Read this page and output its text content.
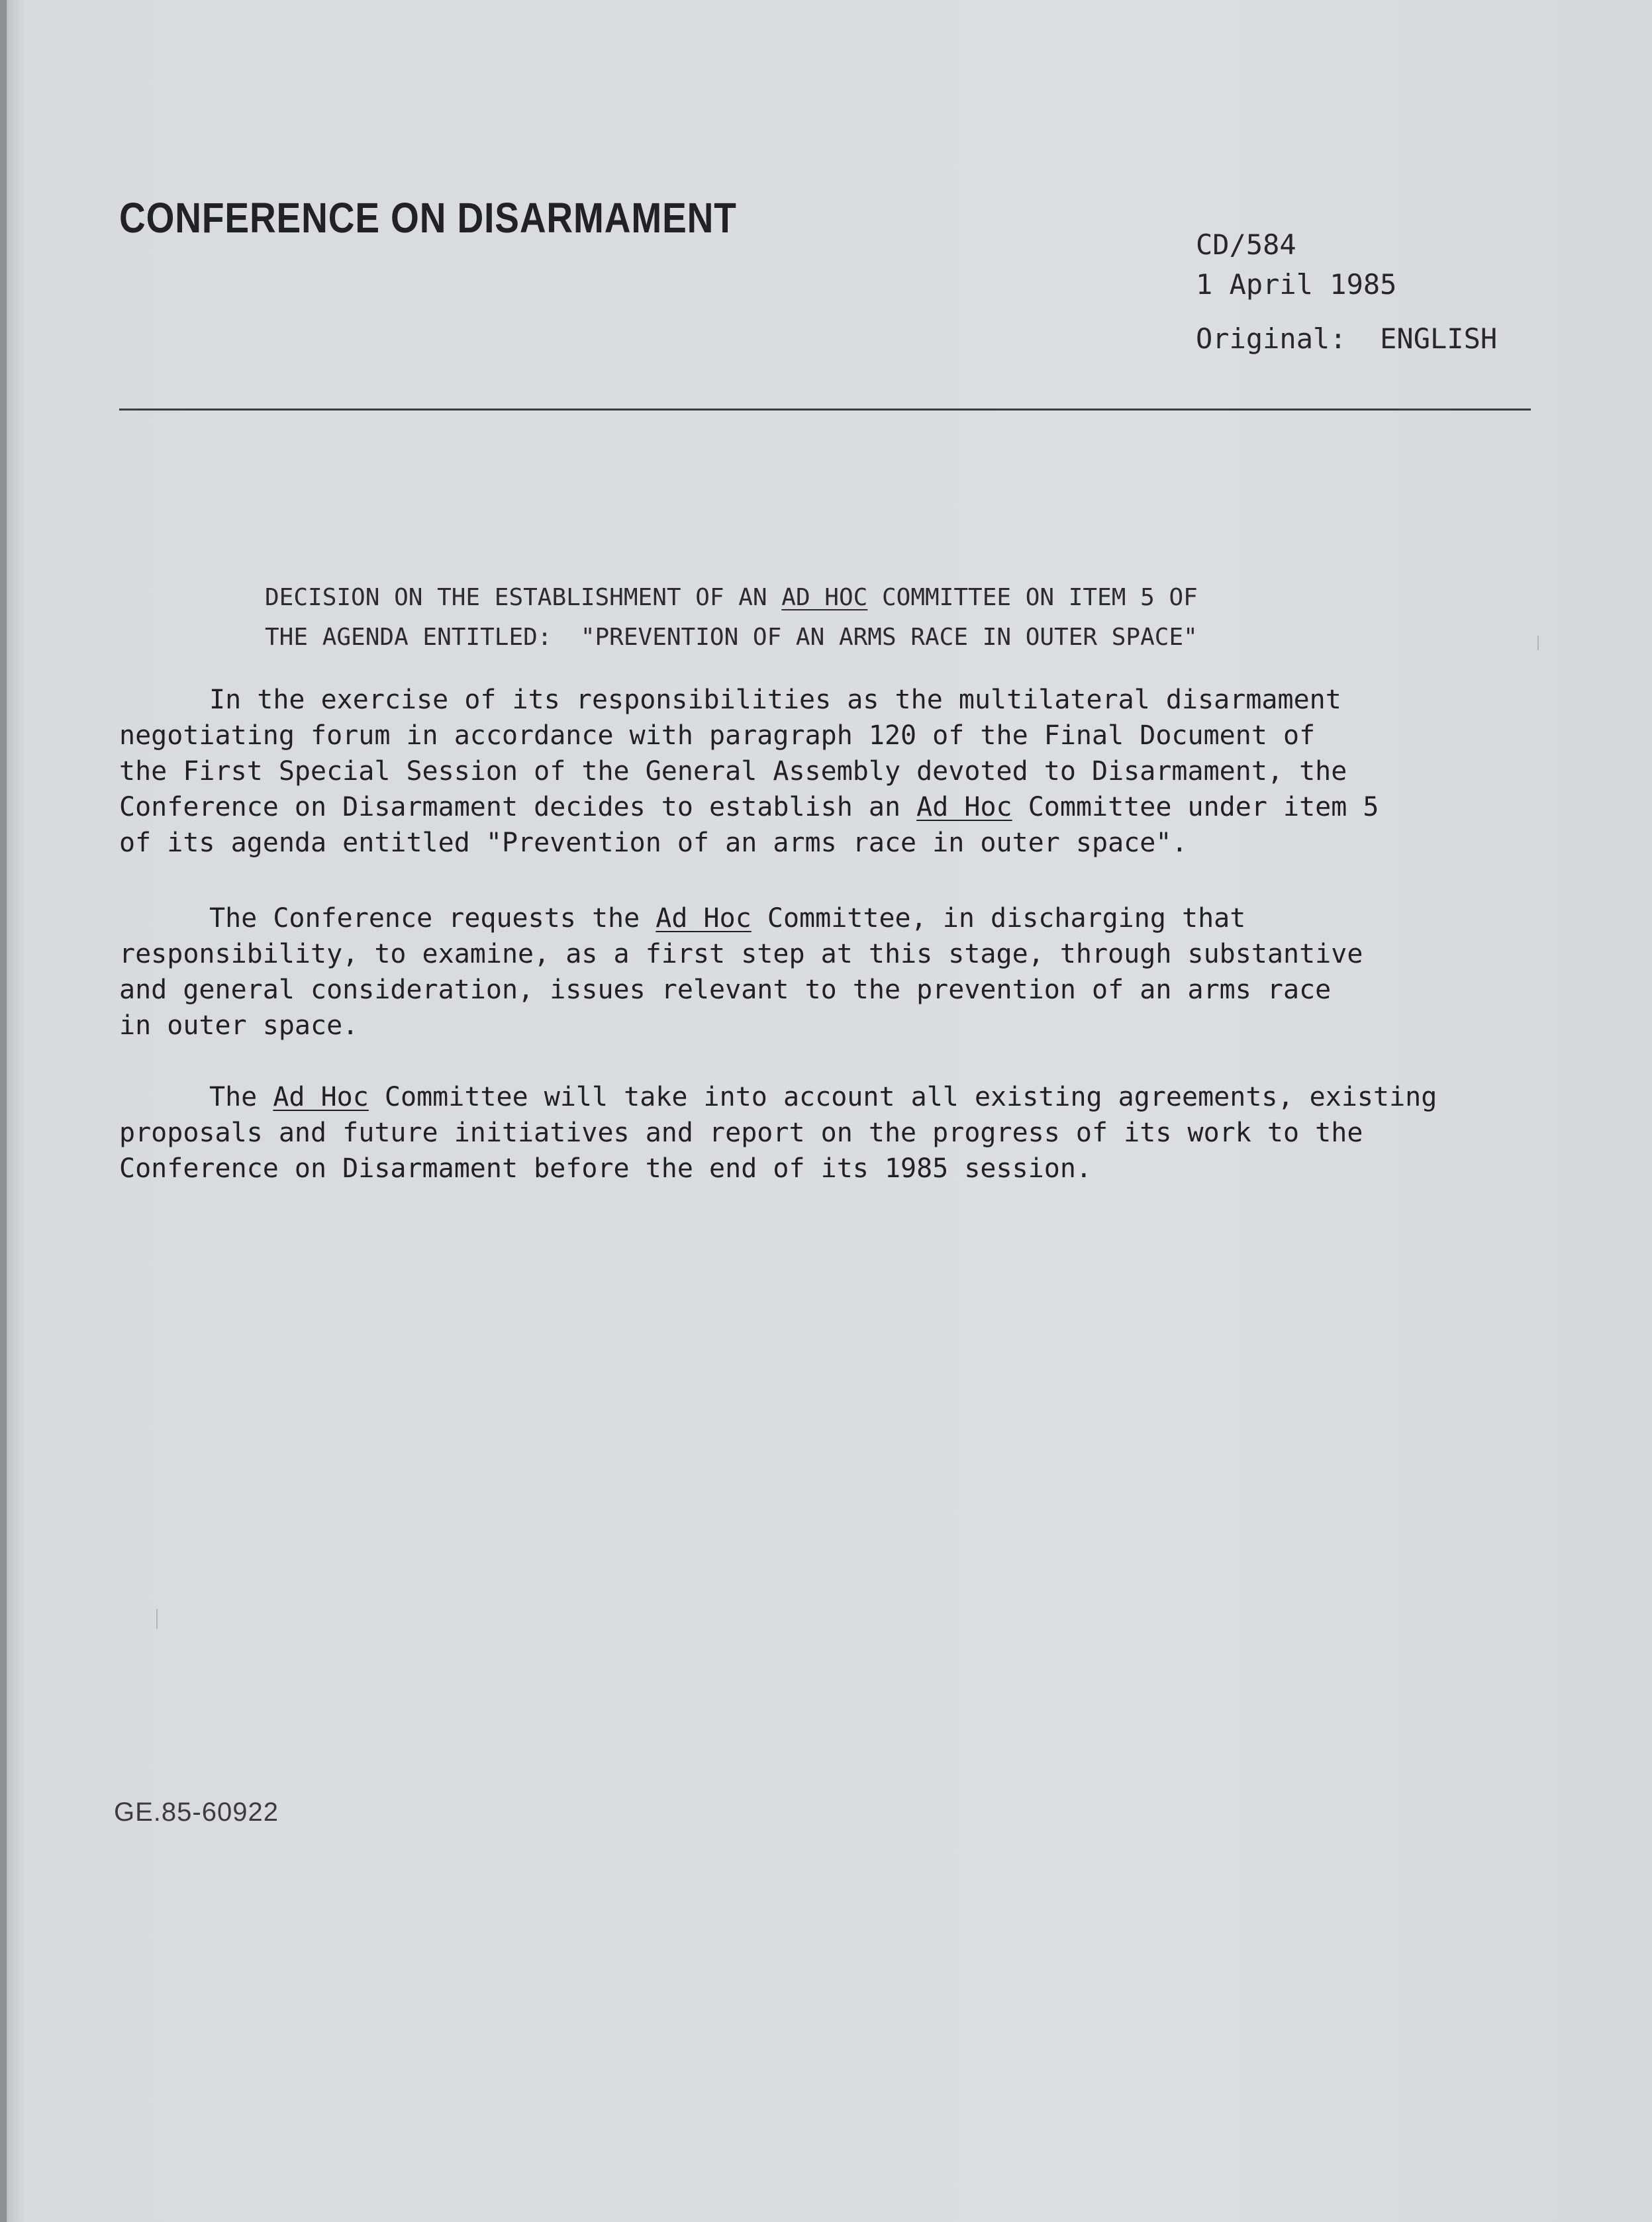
CONFERENCE ON DISARMAMENT
CD/584
1 April 1985
Original:  ENGLISH
DECISION ON THE ESTABLISHMENT OF AN AD HOC COMMITTEE ON ITEM 5 OF
THE AGENDA ENTITLED:  "PREVENTION OF AN ARMS RACE IN OUTER SPACE"
In the exercise of its responsibilities as the multilateral disarmament
negotiating forum in accordance with paragraph 120 of the Final Document of
the First Special Session of the General Assembly devoted to Disarmament, the
Conference on Disarmament decides to establish an Ad Hoc Committee under item 5
of its agenda entitled "Prevention of an arms race in outer space".
The Conference requests the Ad Hoc Committee, in discharging that
responsibility, to examine, as a first step at this stage, through substantive
and general consideration, issues relevant to the prevention of an arms race
in outer space.
The Ad Hoc Committee will take into account all existing agreements, existing
proposals and future initiatives and report on the progress of its work to the
Conference on Disarmament before the end of its 1985 session.
GE.85-60922
